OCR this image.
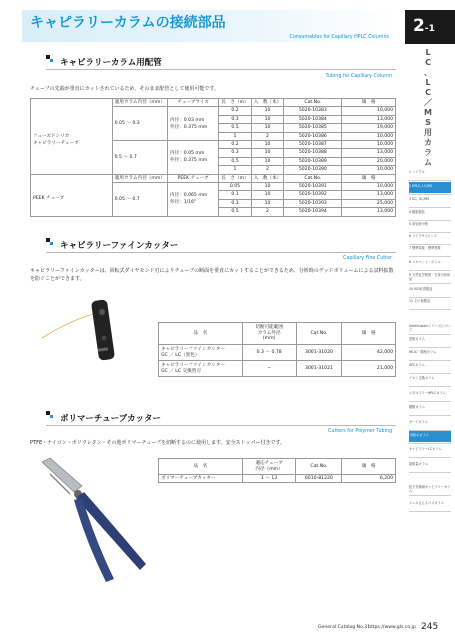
キャピラリーカラムの接続部品
Consumables for Capillary HPLC Columns
2-1
L
C
、
L
C
／
M
S
用
カ
ラ
ム
1 バイアル
2 HPLC, LC/MS
3 GC, GC/MS
4 樹脂製品
5 前処理小物
6 ライフサイエンス
7 標準試薬・標準物質
8 ソルベント・ボトル
9 天然化学物質・生体分析用品
10 ISO取得製品
11 その他製品
InertSustainシリーズについて
逆相カラム
HILIC・順相カラム
SECカラム
イオン交換カラム
メタルフリーHPLCカラム
糖類カラム
ガードカラム
分取LCカラム
キャピラリーLCカラム
超微量カラム
粒子充填剤キャピラリーカラム
ジェルさん人パスカラム
キャピラリーカラム用配管
Tubing for Capillary Column
チューブの先端が垂直にカットされているため、そのまま配管として使用可能です。
	適用カラム内径（mm）	チューブサイズ	長　さ（m）	入　数（本）	Cat.No.	価　格
フューズドシリカ
キャピラリーチューブ	0.05 ～ 0.3	内径：0.03 mm
外径：0.375 mm	0.2	10	5020-10383	10,000
			0.3	10	5020-10384	13,000
			0.5	10	5020-10385	19,000
			1	2	5020-10386	10,000
	0.5 ～ 0.7	内径：0.05 mm
外径：0.375 mm	0.2	10	5020-10387	10,000
			0.3	10	5020-10388	13,000
			0.5	10	5020-10389	20,000
			1	2	5020-10390	10,000
	適用カラム内径（mm）	PEEK チューブ	長　さ（m）	入　数（本）	Cat.No.	価　格
PEEK チューブ	0.05 ～ 0.7	内径：0.065 mm
外径：1/16"	0.05	10	5020-10391	10,000
			0.1	10	5020-10392	13,000
			0.3	10	5020-10393	25,000
			0.5	2	5020-10394	13,000
キャピラリーファインカッター
Capillary Fine Cutter
キャピラリーファインカッターは、回転式ダイヤモンド刃によりチューブの断面を垂直にカットすることができるため、分析時のデッドボリュームによる試料拡散を防ぐことができます。
品　名	切断可能範囲
カラム外径
(mm)	Cat.No.	価　格
キャピラリーファインカッター
GC ／ LC（黒色）	0.3 ～ 0.78	3001-31020	42,000
キャピラリーファインカッター
GC ／ LC 交換替刃	−	3001-31021	21,000
ポリマーチューブカッター
Cutters for Polymer Tubing
PTFE・ナイロン・ポリウレタン・その他ポリマーチューブを切断するのに使用します。安全ストッパー付きです。
品　名	適応チューブ
内径（mm）	Cat.No.	価　格
ポリマーチューブカッター	1 ～ 13	6010-81220	6,200
General Catalog No.31
https://www.gls.co.jp 245
